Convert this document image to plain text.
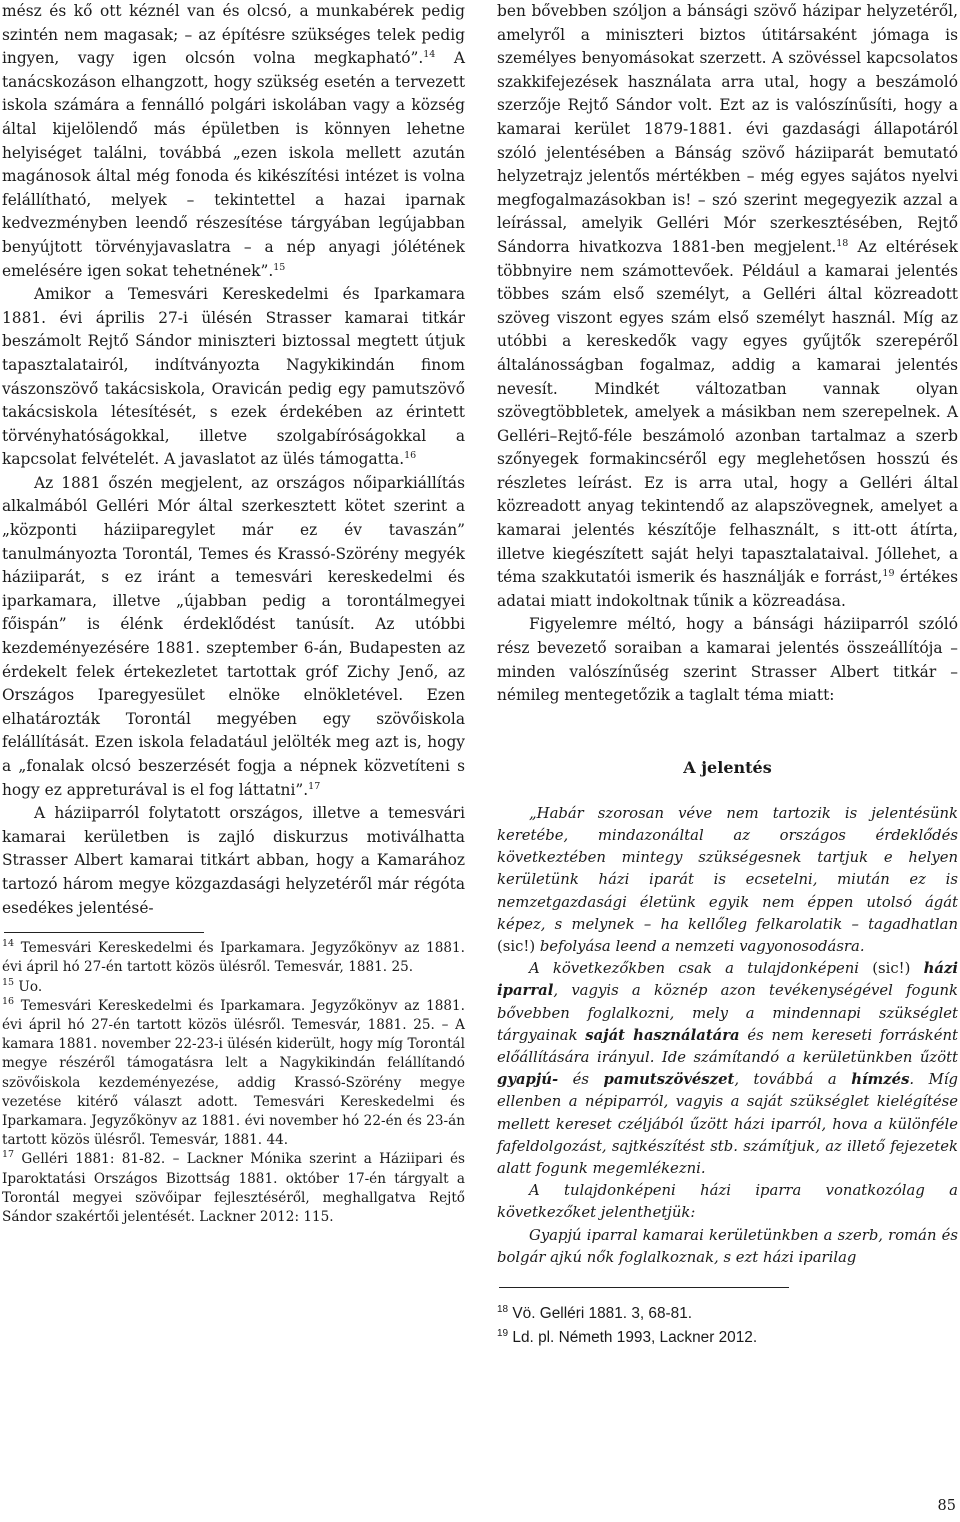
mész és kő ott kéznél van és olcsó, a munkabérek pedig szintén nem magasak; – az építésre szükséges telek pedig ingyen, vagy igen olcsón volna megkapható”.$^{14}$ A tanácskozáson elhangzott, hogy szükség esetén a tervezett iskola számára a fennálló polgári iskolában vagy a község által kijelölendő más épületben is könnyen lehetne helyiséget találni, továbbá „ezen iskola mellett azután magánosok által még fonoda és kikészítési intézet is volna felállítható, melyek – tekintettel a hazai iparnak kedvezményben leendő részesítése tárgyában legújabban benyújtott törvényjavaslatra – a nép anyagi jólétének emelésére igen sokat tehetnének”.$^{15}$

Amikor a Temesvári Kereskedelmi és Iparkamara 1881. évi április 27-i ülésén Strasser kamarai titkár beszámolt Rejtő Sándor miniszteri biztossal megtett útjuk tapasztalatairól, indítványozta Nagykikindán finom vászonszövő takácsiskola, Oravicán pedig egy pamutszövő takácsiskola létesítését, s ezek érdekében az érintett törvényhatóságokkal, illetve szolgabíróságokkal a kapcsolat felvételét. A javaslatot az ülés támogatta.$^{16}$

Az 1881 őszén megjelent, az országos nőiparkiállítás alkalmából Gelléri Mór által szerkesztett kötet szerint a „központi háziiparegylet már ez év tavaszán” tanulmányozta Torontál, Temes és Krassó-Szörény megyék háziiparát, s ez iránt a temesvári kereskedelmi és iparkamara, illetve „újabban pedig a torontálmegyei főispán” is élénk érdeklődést tanúsít. Az utóbbi kezdeményezésére 1881. szeptember 6-án, Budapesten az érdekelt felek értekezletet tartottak gróf Zichy Jenő, az Országos Iparegyesület elnöke elnökletével. Ezen elhatározták Torontál megyében egy szövőiskola felállítását. Ezen iskola feladatául jelölték meg azt is, hogy a „fonalak olcsó beszerzését fogja a népnek közvetíteni s hogy ez appreturával is el fog láttatni”.$^{17}$

A háziiparról folytatott országos, illetve a temesvári kamarai kerületben is zajló diskurzus motiválhatta Strasser Albert kamarai titkárt abban, hogy a Kamarához tartozó három megye közgazdasági helyzetéről már régóta esedékes jelentésé-

$^{14}$ Temesvári Kereskedelmi és Iparkamara. Jegyzőkönyv az 1881. évi ápril hó 27-én tartott közös ülésről. Temesvár, 1881. 25.

$^{15}$ Uo.

$^{16}$ Temesvári Kereskedelmi és Iparkamara. Jegyzőkönyv az 1881. évi ápril hó 27-én tartott közös ülésről. Temesvár, 1881. 25. – A kamara 1881. november 22-23-i ülésén kiderült, hogy míg Torontál megye részéről támogatásra lelt a Nagykikindán felállítandó szövőiskola kezdeményezése, addig Krassó-Szörény megye vezetése kitérő választ adott. Temesvári Kereskedelmi és Iparkamara. Jegyzőkönyv az 1881. évi november hó 22-én és 23-án tartott közös ülésről. Temesvár, 1881. 44.

$^{17}$ Gelléri 1881: 81-82. – Lackner Mónika szerint a Háziipari és Iparoktatási Országos Bizottság 1881. október 17-én tárgyalt a Torontál megyei szövőipar fejlesztéséről, meghallgatva Rejtő Sándor szakértői jelentését. Lackner 2012: 115.

ben bővebben szóljon a bánsági szövő házipar helyzetéről, amelyről a miniszteri biztos útitársaként jómaga is személyes benyomásokat szerzett. A szövéssel kapcsolatos szakkifejezések használata arra utal, hogy a beszámoló szerzője Rejtő Sándor volt. Ezt az is valószínűsíti, hogy a kamarai kerület 1879-1881. évi gazdasági állapotáról szóló jelentésében a Bánság szövő háziiparát bemutató helyzetrajz jelentős mértékben – még egyes sajátos nyelvi megfogalmazásokban is! – szó szerint megegyezik azzal a leírással, amelyik Gelléri Mór szerkesztésében, Rejtő Sándorra hivatkozva 1881-ben megjelent.$^{18}$ Az eltérések többnyire nem számottevőek. Például a kamarai jelentés többes szám első személyt, a Gelléri által közreadott szöveg viszont egyes szám első személyt használ. Míg az utóbbi a kereskedők vagy egyes gyűjtők szerepéről általánosságban fogalmaz, addig a kamarai jelentés nevesít. Mindkét változatban vannak olyan szövegtöbbletek, amelyek a másikban nem szerepelnek. A Gelléri–Rejtő-féle beszámoló azonban tartalmaz a szerb szőnyegek formakincséről egy meglehetősen hosszú és részletes leírást. Ez is arra utal, hogy a Gelléri által közreadott anyag tekintendő az alapszövegnek, amelyet a kamarai jelentés készítője felhasznált, s itt-ott átírta, illetve kiegészített saját helyi tapasztalataival. Jóllehet, a téma szakkutatói ismerik és használják e forrást,$^{19}$ értékes adatai miatt indokoltnak tűnik a közreadása.

Figyelemre méltó, hogy a bánsági háziiparról szóló rész bevezető soraiban a kamarai jelentés összeállítója – minden valószínűség szerint Strasser Albert titkár – némileg mentegetőzik a taglalt téma miatt:

A jelentés

„Habár szorosan véve nem tartozik is jelentésünk keretébe, mindazonáltal az országos érdeklődés következtében mintegy szükségesnek tartjuk e helyen kerületünk házi iparát is ecsetelni, miután ez is nemzetgazdasági életünk egyik nem éppen utolsó ágát képez, s melynek – ha kellőleg felkarolatik – tagadhatlan (sic!) befolyása leend a nemzeti vagyonosodásra.

A következőkben csak a tulajdonképeni (sic!) házi iparral, vagyis a köznép azon tevékenységével fogunk bővebben foglalkozni, mely a mindennapi szükséglet tárgyainak saját használatára és nem kereseti forrásként előállítására irányul. Ide számítandó a kerületünkben űzött gyapjú- és pamutszövészet, továbbá a hímzés. Míg ellenben a népiparról, vagyis a saját szükséglet kielégítése mellett kereset czéljából űzött házi iparról, hova a különféle fafeldolgozást, sajtkészítést stb. számítjuk, az illető fejezetek alatt fogunk megemlékezni.

A tulajdonképeni házi iparra vonatkozólag a következőket jelenthetjük:

Gyapjú iparral kamarai kerületünkben a szerb, román és bolgár ajkú nők foglalkoznak, s ezt házi iparilag

$^{18}$ Vö. Gelléri 1881. 3, 68-81.

$^{19}$ Ld. pl. Németh 1993, Lackner 2012.

85
